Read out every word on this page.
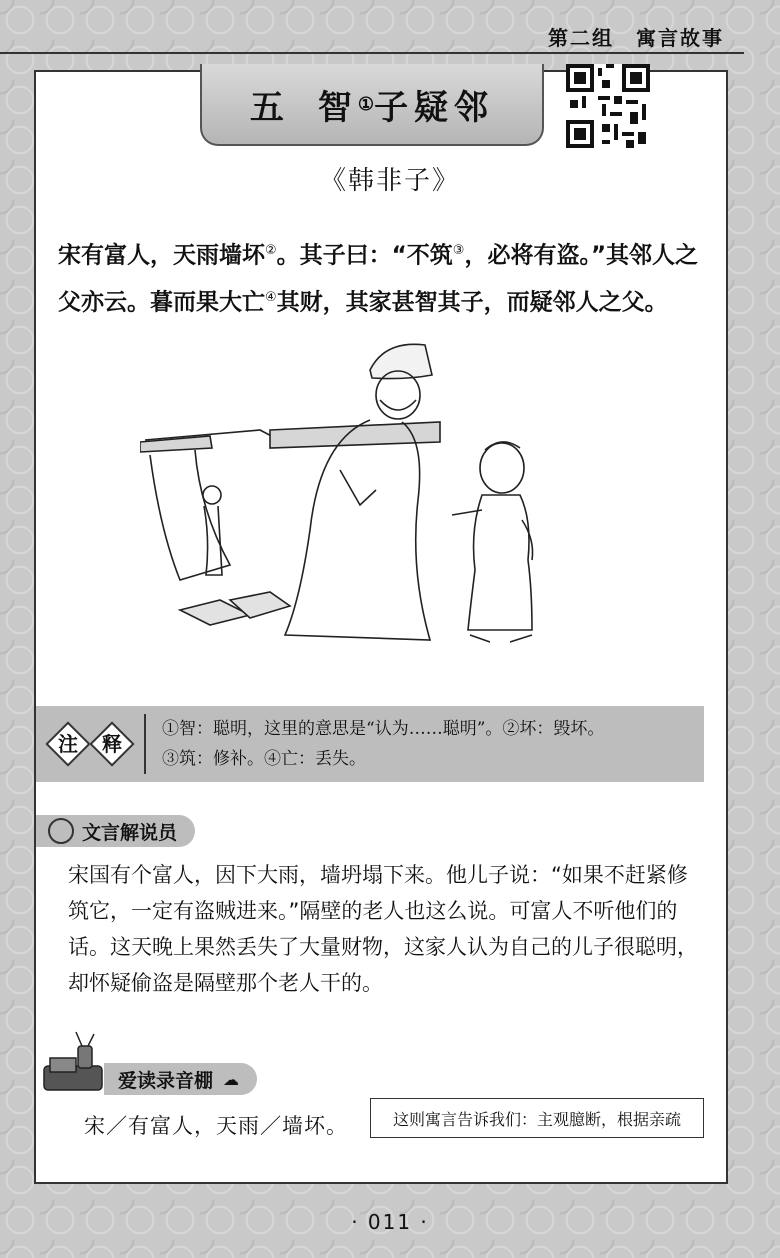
第二组　寓言故事
五 智 ① 子疑邻
《韩非子》
宋有富人，天雨墙坏②。其子曰：“不筑③，必将有盗。”其邻人之父亦云。暮而果大亡④其财，其家甚智其子，而疑邻人之父。
注	释
①智：聪明，这里的意思是“认为……聪明”。②坏：毁坏。
③筑：修补。④亡：丢失。
文言解说员
宋国有个富人，因下大雨，墙坍塌下来。他儿子说：“如果不赶紧修筑它，一定有盗贼进来。”隔壁的老人也这么说。可富人不听他们的话。这天晚上果然丢失了大量财物，这家人认为自己的儿子很聪明，却怀疑偷盗是隔壁那个老人干的。
爱读录音棚 ☁
宋／有富人，天雨／墙坏。	这则寓言告诉我们：主观臆断，根据亲疏
· 011 ·
